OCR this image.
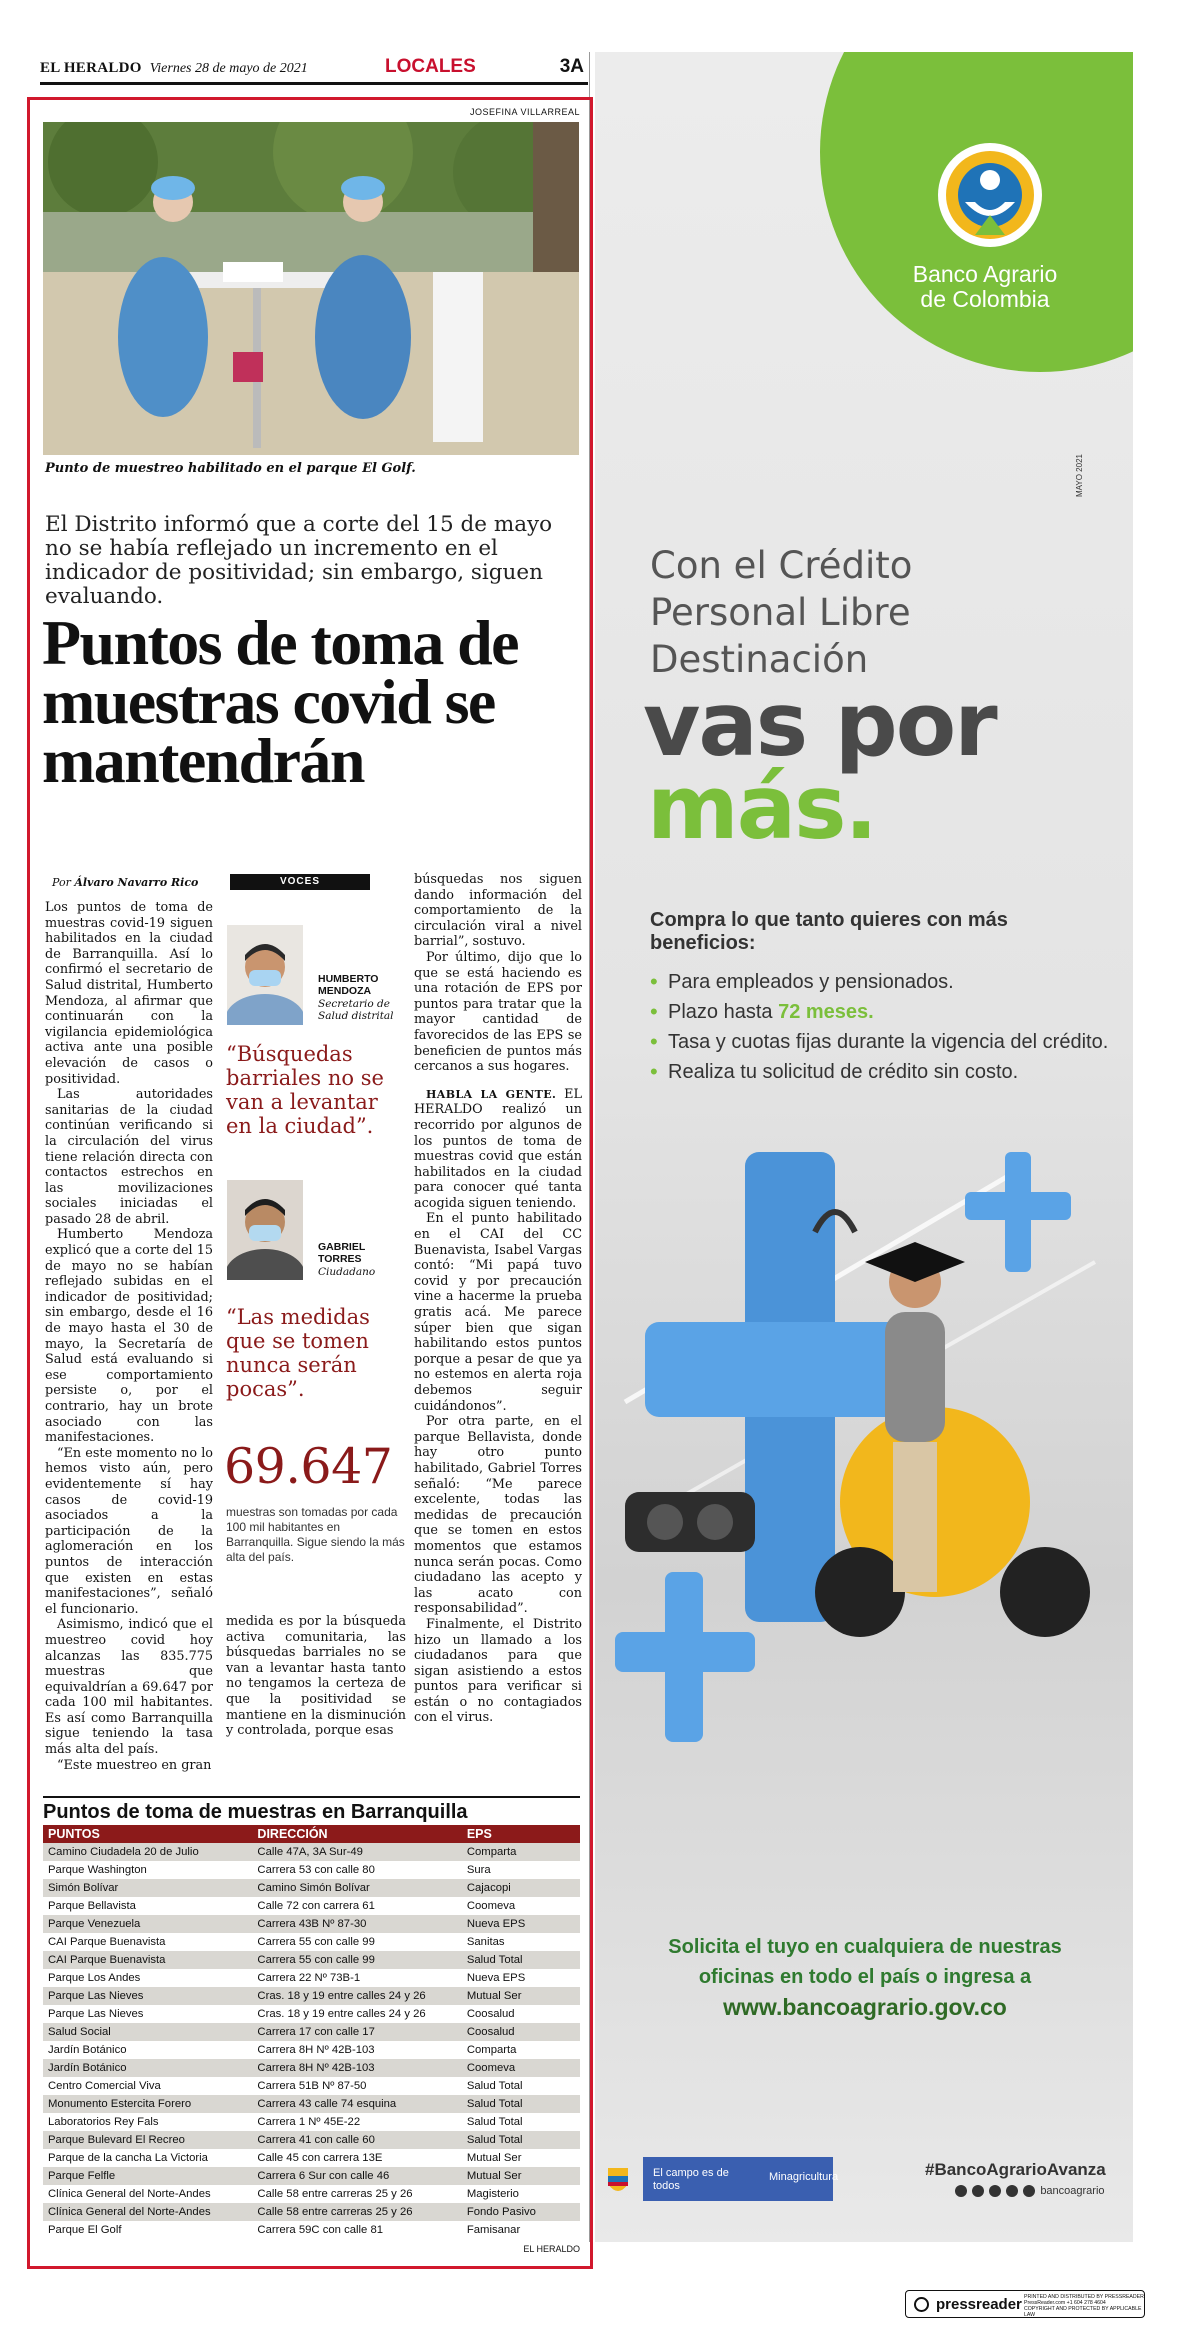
EL HERALDO Viernes 28 de mayo de 2021	LOCALES	3A
JOSEFINA VILLARREAL
Punto de muestreo habilitado en el parque El Golf.
El Distrito informó que a corte del 15 de mayo no se había reflejado un incremento en el indicador de positividad; sin embargo, siguen evaluando.
Puntos de toma de muestras covid se mantendrán
Por Álvaro Navarro Rico

Los puntos de toma de muestras covid-19 siguen habilitados en la ciudad de Barranquilla. Así lo confirmó el secretario de Salud distrital, Humberto Mendoza, al afirmar que continuarán con la vigilancia epidemiológica activa ante una posible elevación de casos o positividad.

Las autoridades sanitarias de la ciudad continúan verificando si la circulación del virus tiene relación directa con contactos estrechos en las movilizaciones sociales iniciadas el pasado 28 de abril.

Humberto Mendoza explicó que a corte del 15 de mayo no se habían reflejado subidas en el indicador de positividad; sin embargo, desde el 16 de mayo hasta el 30 de mayo, la Secretaría de Salud está evaluando si ese comportamiento persiste o, por el contrario, hay un brote asociado con las manifestaciones.

“En este momento no lo hemos visto aún, pero evidentemente sí hay casos de covid-19 asociados a la participación de la aglomeración en los puntos de interacción que existen en estas manifestaciones”, señaló el funcionario.

Asimismo, indicó que el muestreo covid hoy alcanzas las 835.775 muestras que equivaldrían a 69.647 por cada 100 mil habitantes. Es así como Barranquilla sigue teniendo la tasa más alta del país.

“Este muestreo en gran

VOCES
HUMBERTO MENDOZA
Secretario de Salud distrital
“Búsquedas barriales no se van a levantar en la ciudad”.
GABRIEL TORRES
Ciudadano
“Las medidas que se tomen nunca serán pocas”.
69.647
muestras son tomadas por cada 100 mil habitantes en Barranquilla. Sigue siendo la más alta del país.

medida es por la búsqueda activa comunitaria, las búsquedas barriales no se van a levantar hasta tanto no tengamos la certeza de que la positividad se mantiene en la disminución y controlada, porque esas

búsquedas nos siguen dando información del comportamiento de la circulación viral a nivel barrial”, sostuvo.

Por último, dijo que lo que se está haciendo es una rotación de EPS por puntos para tratar que la mayor cantidad de favorecidos de las EPS se beneficien de puntos más cercanos a sus hogares.

HABLA LA GENTE. EL HERALDO realizó un recorrido por algunos de los puntos de toma de muestras covid que están habilitados en la ciudad para conocer qué tanta acogida siguen teniendo.

En el punto habilitado en el CAI del CC Buenavista, Isabel Vargas contó: “Mi papá tuvo covid y por precaución vine a hacerme la prueba gratis acá. Me parece súper bien que sigan habilitando estos puntos porque a pesar de que ya no estemos en alerta roja debemos seguir cuidándonos”.

Por otra parte, en el parque Bellavista, donde hay otro punto habilitado, Gabriel Torres señaló: “Me parece excelente, todas las medidas de precaución que se tomen en estos momentos que estamos nunca serán pocas. Como ciudadano las acepto y las acato con responsabilidad”.

Finalmente, el Distrito hizo un llamado a los ciudadanos para que sigan asistiendo a estos puntos para verificar si están o no contagiados con el virus.

Puntos de toma de muestras en Barranquilla
PUNTOS	DIRECCIÓN	EPS
Camino Ciudadela 20 de Julio	Calle 47A, 3A Sur-49	Comparta
Parque Washington	Carrera 53 con calle 80	Sura
Simón Bolívar	Camino Simón Bolívar	Cajacopi
Parque Bellavista	Calle 72 con carrera 61	Coomeva
Parque Venezuela	Carrera 43B Nº 87-30	Nueva EPS
CAI Parque Buenavista	Carrera 55 con calle 99	Sanitas
CAI Parque Buenavista	Carrera 55 con calle 99	Salud Total
Parque Los Andes	Carrera 22 Nº 73B-1	Nueva EPS
Parque Las Nieves	Cras. 18 y 19 entre calles 24 y 26	Mutual Ser
Parque Las Nieves	Cras. 18 y 19 entre calles 24 y 26	Coosalud
Salud Social	Carrera 17 con calle 17	Coosalud
Jardín Botánico	Carrera 8H Nº 42B-103	Comparta
Jardín Botánico	Carrera 8H Nº 42B-103	Coomeva
Centro Comercial Viva	Carrera 51B Nº 87-50	Salud Total
Monumento Estercita Forero	Carrera 43 calle 74 esquina	Salud Total
Laboratorios Rey Fals	Carrera 1 Nº 45E-22	Salud Total
Parque Bulevard El Recreo	Carrera 41 con calle 60	Salud Total
Parque de la cancha La Victoria	Calle 45 con carrera 13E	Mutual Ser
Parque Felfle	Carrera 6 Sur con calle 46	Mutual Ser
Clínica General del Norte-Andes	Calle 58 entre carreras 25 y 26	Magisterio
Clínica General del Norte-Andes	Calle 58 entre carreras 25 y 26	Fondo Pasivo
Parque El Golf	Carrera 59C con calle 81	Famisanar
EL HERALDO
Banco Agrario de Colombia
MAYO 2021
Con el Crédito Personal Libre Destinación
vas por
más.
Compra lo que tanto quieres con más beneficios:
• Para empleados y pensionados.
• Plazo hasta 72 meses.
• Tasa y cuotas fijas durante la vigencia del crédito.
• Realiza tu solicitud de crédito sin costo.
Solicita el tuyo en cualquiera de nuestras oficinas en todo el país o ingresa a
www.bancoagrario.gov.co
El campo es de todos
Minagricultura	#BancoAgrarioAvanza
bancoagrario
pressreader PRINTED AND DISTRIBUTED BY PRESSREADER
PressReader.com +1 604 278 4604
COPYRIGHT AND PROTECTED BY APPLICABLE LAW
